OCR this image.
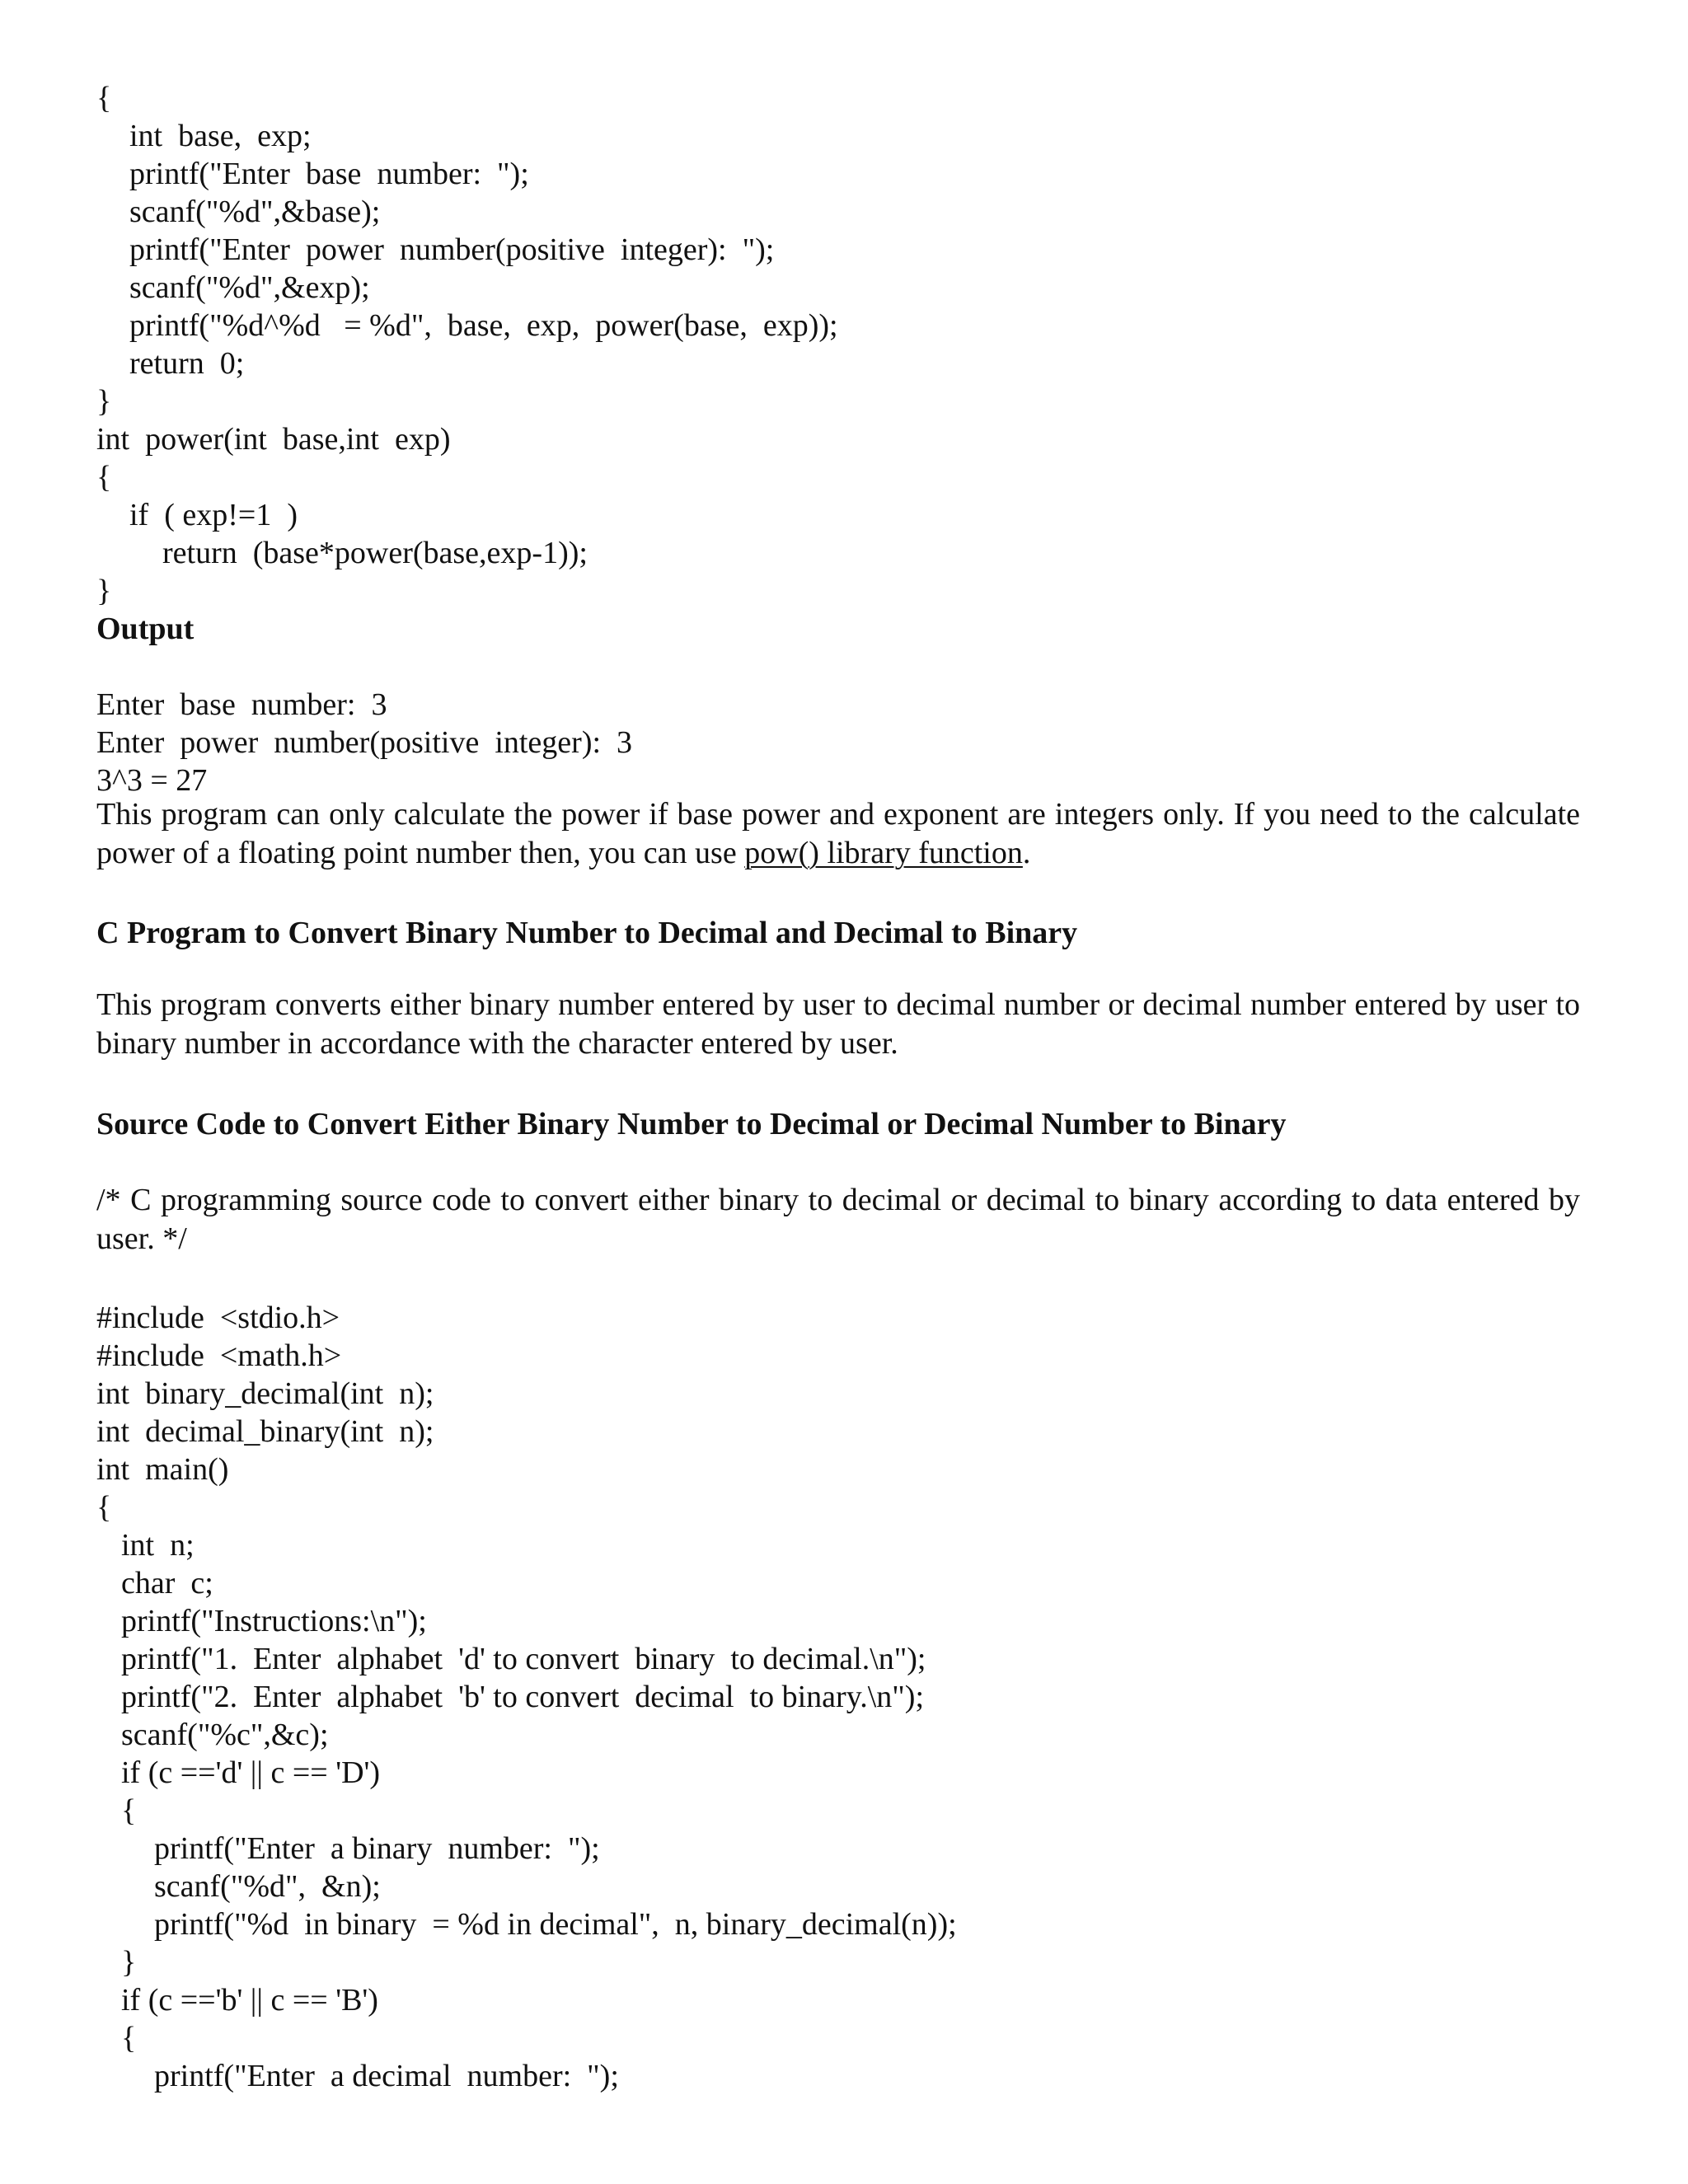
{
int  base,  exp;
printf("Enter  base  number:  ");
scanf("%d",&base);
printf("Enter  power  number(positive  integer):  ");
scanf("%d",&exp);
printf("%d^%d   = %d",  base,  exp,  power(base,  exp));
return  0;
}
int  power(int  base,int  exp)
{
if  ( exp!=1  )
return  (base*power(base,exp-1));
}
Output
Enter  base  number:  3
Enter  power  number(positive  integer):  3
3^3 = 27

This program can only calculate the power if base power and exponent are integers only. If you need to the calculate power of a floating point number then, you can use pow() library function.

C Program to Convert Binary Number to Decimal and Decimal to Binary

This program converts either binary number entered by user to decimal number or decimal number entered by user to binary number in accordance with the character entered by user.

Source Code to Convert Either Binary Number to Decimal or Decimal Number to Binary

/* C programming source code to convert either binary to decimal or decimal to binary according to data entered by user. */

#include  <stdio.h>
#include  <math.h>
int  binary_decimal(int  n);
int  decimal_binary(int  n);
int  main()
{
int  n;
char  c;
printf("Instructions:\n");
printf("1.  Enter  alphabet  'd' to convert  binary  to decimal.\n");
printf("2.  Enter  alphabet  'b' to convert  decimal  to binary.\n");
scanf("%c",&c);
if (c =='d' || c == 'D')
{
printf("Enter  a binary  number:  ");
scanf("%d",  &n);
printf("%d  in binary  = %d in decimal",  n, binary_decimal(n));
}
if (c =='b' || c == 'B')
{
printf("Enter  a decimal  number:  ");
